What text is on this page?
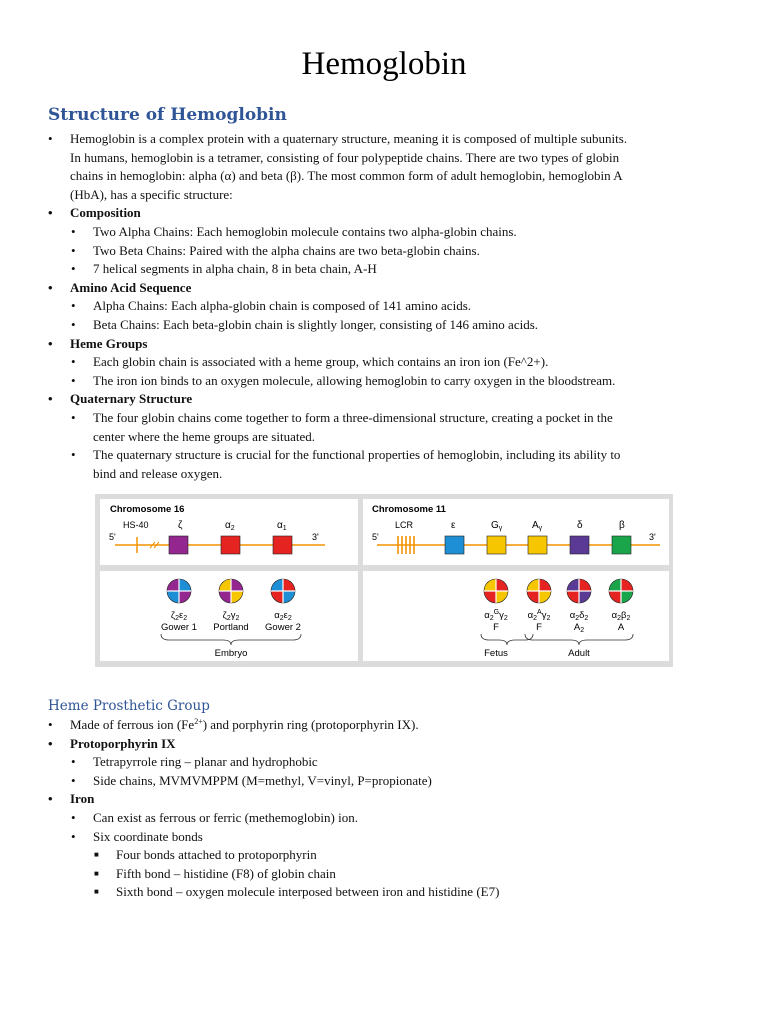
Hemoglobin
Structure of Hemoglobin
• Hemoglobin is a complex protein with a quaternary structure, meaning it is composed of multiple subunits.
In humans, hemoglobin is a tetramer, consisting of four polypeptide chains. There are two types of globin
chains in hemoglobin: alpha (α) and beta (β). The most common form of adult hemoglobin, hemoglobin A
(HbA), has a specific structure:
• Composition
• Two Alpha Chains: Each hemoglobin molecule contains two alpha-globin chains.
• Two Beta Chains: Paired with the alpha chains are two beta-globin chains.
• 7 helical segments in alpha chain, 8 in beta chain, A-H
• Amino Acid Sequence
• Alpha Chains: Each alpha-globin chain is composed of 141 amino acids.
• Beta Chains: Each beta-globin chain is slightly longer, consisting of 146 amino acids.
• Heme Groups
• Each globin chain is associated with a heme group, which contains an iron ion (Fe^2+).
• The iron ion binds to an oxygen molecule, allowing hemoglobin to carry oxygen in the bloodstream.
• Quaternary Structure
• The four globin chains come together to form a three-dimensional structure, creating a pocket in the
center where the heme groups are situated.
• The quaternary structure is crucial for the functional properties of hemoglobin, including its ability to
bind and release oxygen.
Chromosome 16
HS-40	ζ	$\alpha_2$	$\alpha_1$
5'	3'
Chromosome 11
LCR	ε	$G_\gamma$	$A_\gamma$	δ	β
5'	3'
$\zeta_2\varepsilon_2$
Gower 1
$\zeta_2\gamma_2$
Portland
$\alpha_2\varepsilon_2$
Gower 2
Embryo
$\alpha_2^G\gamma_2$
F
$\alpha_2^A\gamma_2$
F
$\alpha_2\delta_2$
$A_2$
$\alpha_2\beta_2$
A
Fetus	Adult
Heme Prosthetic Group
• Made of ferrous ion $(Fe^{2+})$ and porphyrin ring (protoporphyrin IX).
• Protoporphyrin IX
• Tetrapyrrole ring – planar and hydrophobic
• Side chains, MVMVMPPM (M=methyl, V=vinyl, P=propionate)
• Iron
• Can exist as ferrous or ferric (methemoglobin) ion.
• Six coordinate bonds
■ Four bonds attached to protoporphyrin
■ Fifth bond – histidine (F8) of globin chain
■ Sixth bond – oxygen molecule interposed between iron and histidine (E7)
